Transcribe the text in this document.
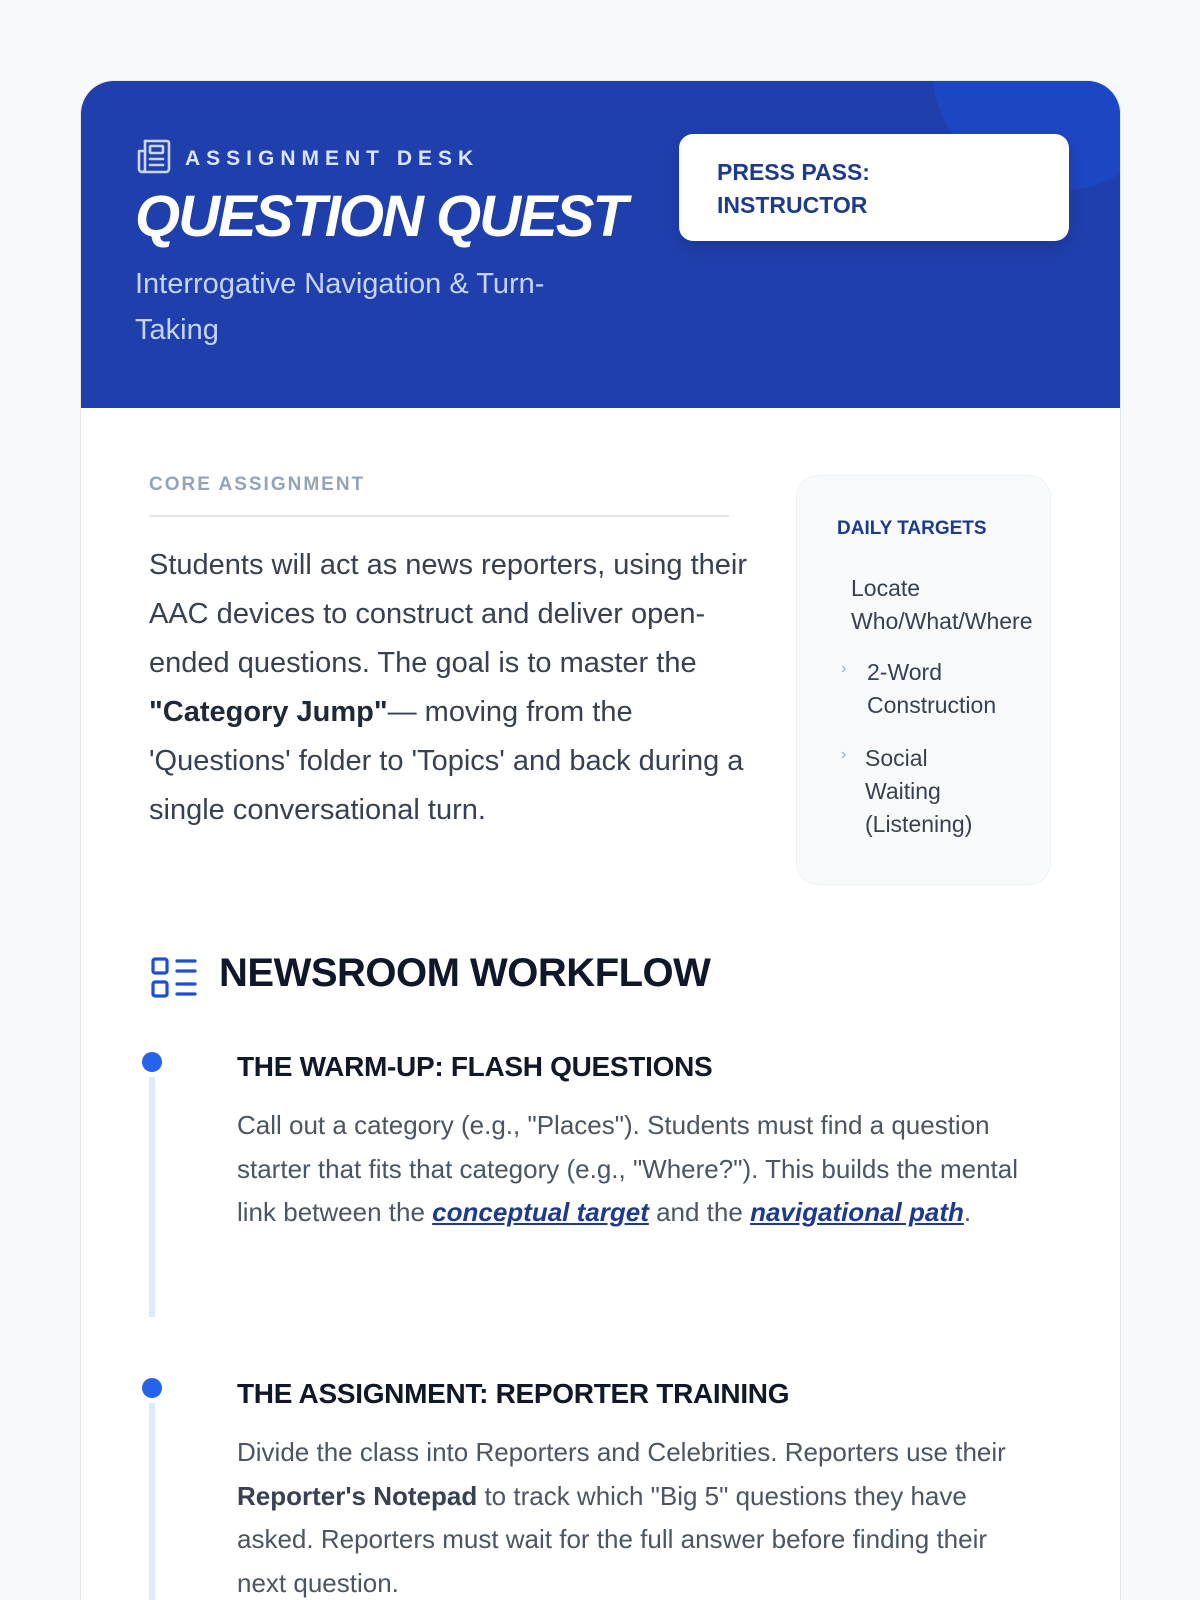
ASSIGNMENT DESK
QUESTION QUEST
Interrogative Navigation & Turn-Taking
PRESS PASS: INSTRUCTOR
CORE ASSIGNMENT

Students will act as news reporters, using their AAC devices to construct and deliver open-ended questions. The goal is to master the "Category Jump"— moving from the 'Questions' folder to 'Topics' and back during a single conversational turn.

DAILY TARGETS
Locate Who/What/Where
› 2-Word Construction
› Social Waiting (Listening)
NEWSROOM WORKFLOW
THE WARM-UP: FLASH QUESTIONS

Call out a category (e.g., "Places"). Students must find a question starter that fits that category (e.g., "Where?"). This builds the mental link between the conceptual target and the navigational path.

THE ASSIGNMENT: REPORTER TRAINING

Divide the class into Reporters and Celebrities. Reporters use their Reporter's Notepad to track which "Big 5" questions they have asked. Reporters must wait for the full answer before finding their next question.
